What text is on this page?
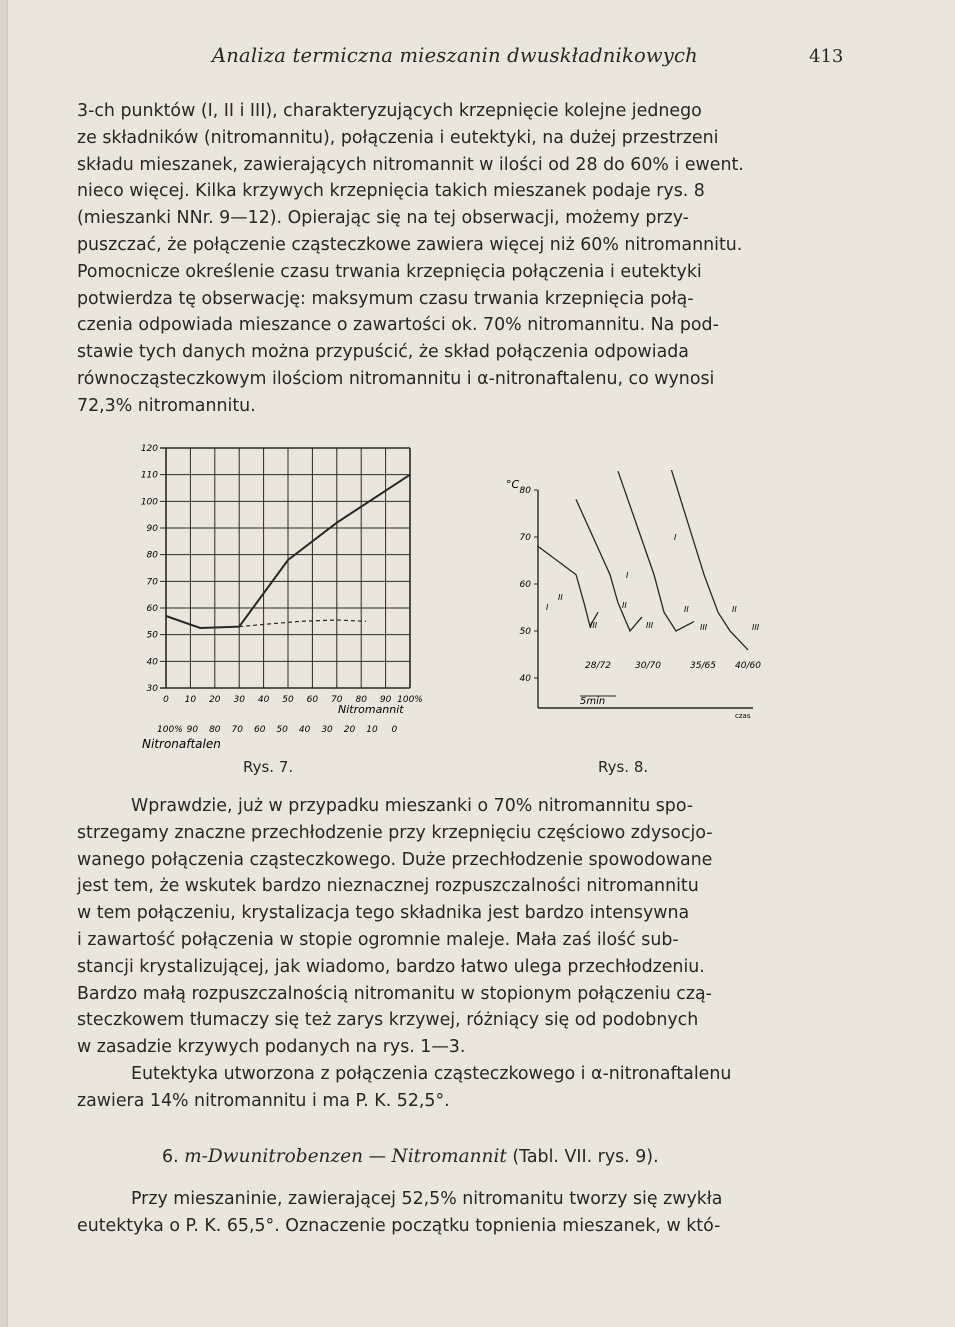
Analiza termiczna mieszanin dwuskładnikowych	413
3-ch punktów (I, II i III), charakteryzujących krzepnięcie kolejne jednego
ze składników (nitromannitu), połączenia i eutektyki, na dużej przestrzeni
składu mieszanek, zawierających nitromannit w ilości od 28 do 60% i ewent.
nieco więcej. Kilka krzywych krzepnięcia takich mieszanek podaje rys. 8
(mieszanki NNr. 9—12). Opierając się na tej obserwacji, możemy przy-
puszczać, że połączenie cząsteczkowe zawiera więcej niż 60% nitromannitu.
Pomocnicze określenie czasu trwania krzepnięcia połączenia i eutektyki
potwierdza tę obserwację: maksymum czasu trwania krzepnięcia połą-
czenia odpowiada mieszance o zawartości ok. 70% nitromannitu. Na pod-
stawie tych danych można przypuścić, że skład połączenia odpowiada
równocząsteczkowym ilościom nitromannitu i α-nitronaftalenu, co wynosi
72,3% nitromannitu.
30
40
50
60
70
80
90
100
110
120
0 10 20 30 40 50 60 70 80 90 100%
100% 90 80 70 60 50 40 30 20 10 0
Nitromannit
Nitronaftalen
Rys. 7.
40
50
60
70
80
28/72	30/70	35/65 40/60
I
I
I
II
II	II	II
III	III	III	III
°C
czas
5min
Rys. 8.
Wprawdzie, już w przypadku mieszanki o 70% nitromannitu spo-
strzegamy znaczne przechłodzenie przy krzepnięciu częściowo zdysocjo-
wanego połączenia cząsteczkowego. Duże przechłodzenie spowodowane
jest tem, że wskutek bardzo nieznacznej rozpuszczalności nitromannitu
w tem połączeniu, krystalizacja tego składnika jest bardzo intensywna
i zawartość połączenia w stopie ogromnie maleje. Mała zaś ilość sub-
stancji krystalizującej, jak wiadomo, bardzo łatwo ulega przechłodzeniu.
Bardzo małą rozpuszczalnością nitromanitu w stopionym połączeniu czą-
steczkowem tłumaczy się też zarys krzywej, różniący się od podobnych
w zasadzie krzywych podanych na rys. 1—3.
Eutektyka utworzona z połączenia cząsteczkowego i α-nitronaftalenu
zawiera 14% nitromannitu i ma P. K. 52,5°.
6. m-Dwunitrobenzen — Nitromannit (Tabl. VII. rys. 9).
Przy mieszaninie, zawierającej 52,5% nitromanitu tworzy się zwykła
eutektyka o P. K. 65,5°. Oznaczenie początku topnienia mieszanek, w któ-
